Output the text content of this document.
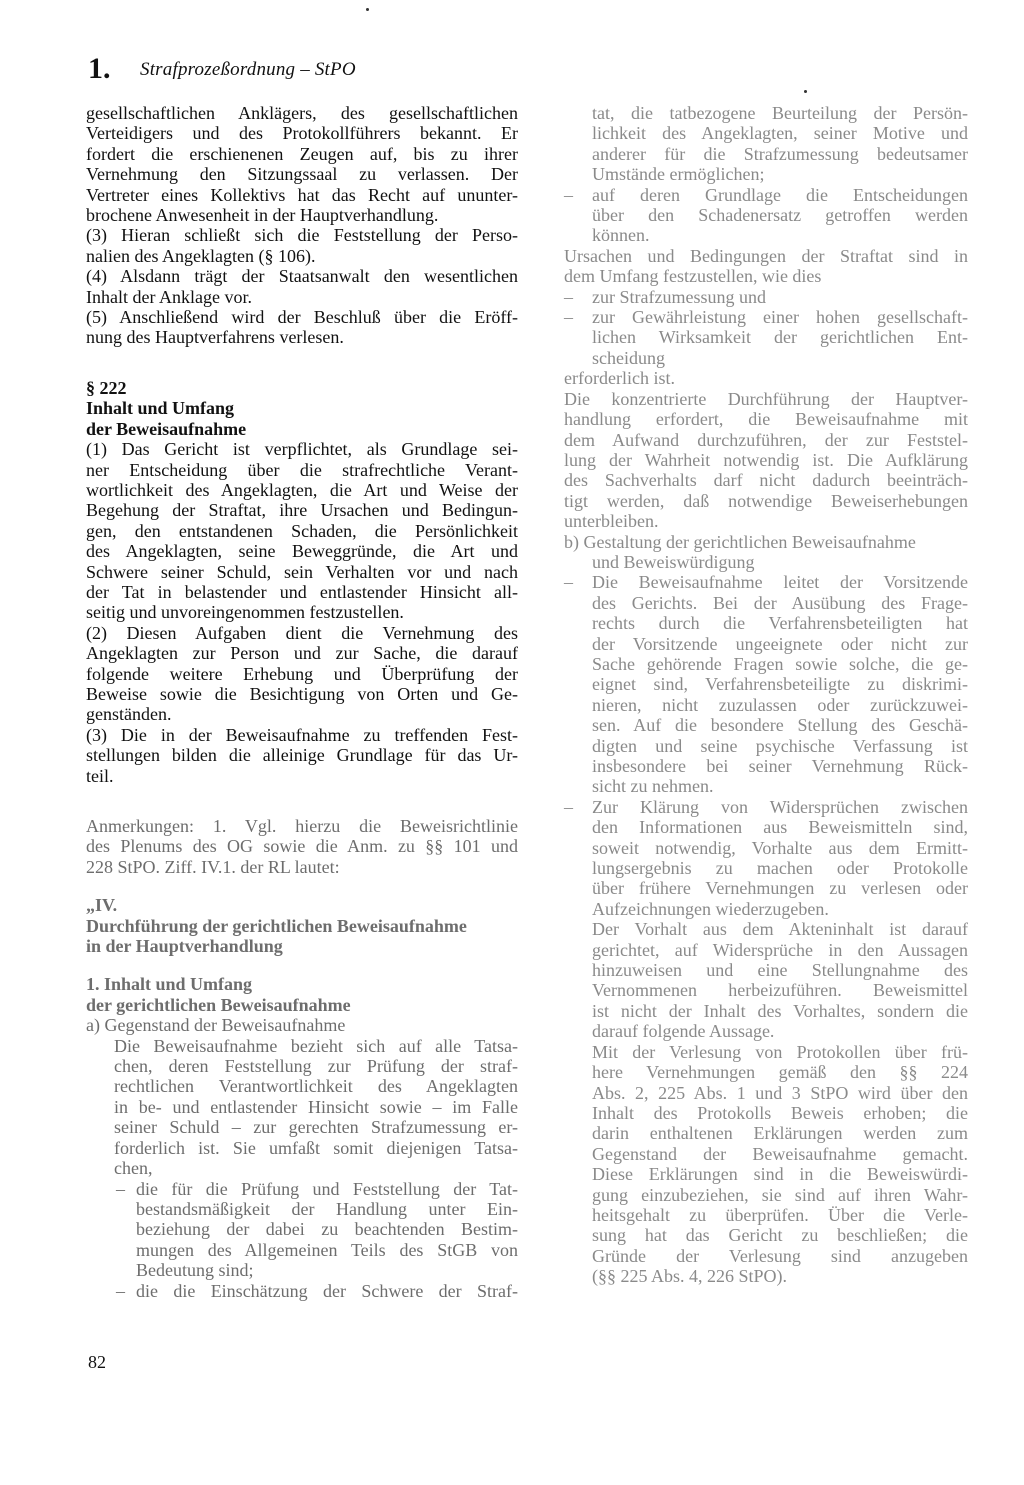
1. Strafprozeßordnung – StPO
gesellschaftlichen Anklägers, des gesellschaftlichen
Verteidigers und des Protokollführers bekannt. Er
fordert die erschienenen Zeugen auf, bis zu ihrer
Vernehmung den Sitzungssaal zu verlassen. Der
Vertreter eines Kollektivs hat das Recht auf ununter-
brochene Anwesenheit in der Hauptverhandlung.
(3) Hieran schließt sich die Feststellung der Perso-
nalien des Angeklagten (§ 106).
(4) Alsdann trägt der Staatsanwalt den wesentlichen
Inhalt der Anklage vor.
(5) Anschließend wird der Beschluß über die Eröff-
nung des Hauptverfahrens verlesen.
§ 222
Inhalt und Umfang
der Beweisaufnahme
(1) Das Gericht ist verpflichtet, als Grundlage sei-
ner Entscheidung über die strafrechtliche Verant-
wortlichkeit des Angeklagten, die Art und Weise der
Begehung der Straftat, ihre Ursachen und Bedingun-
gen, den entstandenen Schaden, die Persönlichkeit
des Angeklagten, seine Beweggründe, die Art und
Schwere seiner Schuld, sein Verhalten vor und nach
der Tat in belastender und entlastender Hinsicht all-
seitig und unvoreingenommen festzustellen.
(2) Diesen Aufgaben dient die Vernehmung des
Angeklagten zur Person und zur Sache, die darauf
folgende weitere Erhebung und Überprüfung der
Beweise sowie die Besichtigung von Orten und Ge-
genständen.
(3) Die in der Beweisaufnahme zu treffenden Fest-
stellungen bilden die alleinige Grundlage für das Ur-
teil.
Anmerkungen: 1. Vgl. hierzu die Beweisrichtlinie
des Plenums des OG sowie die Anm. zu §§ 101 und
228 StPO. Ziff. IV.1. der RL lautet:
„IV.
Durchführung der gerichtlichen Beweisaufnahme
in der Hauptverhandlung
1. Inhalt und Umfang
der gerichtlichen Beweisaufnahme
a) Gegenstand der Beweisaufnahme
Die Beweisaufnahme bezieht sich auf alle Tatsa-
chen, deren Feststellung zur Prüfung der straf-
rechtlichen Verantwortlichkeit des Angeklagten
in be- und entlastender Hinsicht sowie – im Falle
seiner Schuld – zur gerechten Strafzumessung er-
forderlich ist. Sie umfaßt somit diejenigen Tatsa-
chen,
– die für die Prüfung und Feststellung der Tat-
bestandsmäßigkeit der Handlung unter Ein-
beziehung der dabei zu beachtenden Bestim-
mungen des Allgemeinen Teils des StGB von
Bedeutung sind;
– die die Einschätzung der Schwere der Straf-
tat, die tatbezogene Beurteilung der Persön-
lichkeit des Angeklagten, seiner Motive und
anderer für die Strafzumessung bedeutsamer
Umstände ermöglichen;
–	auf deren Grundlage die Entscheidungen
über den Schadenersatz getroffen werden
können.
Ursachen und Bedingungen der Straftat sind in
dem Umfang festzustellen, wie dies
–	zur Strafzumessung und
–	zur Gewährleistung einer hohen gesellschaft-
lichen Wirksamkeit der gerichtlichen Ent-
scheidung
erforderlich ist.
Die konzentrierte Durchführung der Hauptver-
handlung erfordert, die Beweisaufnahme mit
dem Aufwand durchzuführen, der zur Feststel-
lung der Wahrheit notwendig ist. Die Aufklärung
des Sachverhalts darf nicht dadurch beeinträch-
tigt werden, daß notwendige Beweiserhebungen
unterbleiben.
b) Gestaltung der gerichtlichen Beweisaufnahme
und Beweiswürdigung
–	Die Beweisaufnahme leitet der Vorsitzende
des Gerichts. Bei der Ausübung des Frage-
rechts durch die Verfahrensbeteiligten hat
der Vorsitzende ungeeignete oder nicht zur
Sache gehörende Fragen sowie solche, die ge-
eignet sind, Verfahrensbeteiligte zu diskrimi-
nieren, nicht zuzulassen oder zurückzuwei-
sen. Auf die besondere Stellung des Geschä-
digten und seine psychische Verfassung ist
insbesondere bei seiner Vernehmung Rück-
sicht zu nehmen.
–	Zur Klärung von Widersprüchen zwischen
den Informationen aus Beweismitteln sind,
soweit notwendig, Vorhalte aus dem Ermitt-
lungsergebnis zu machen oder Protokolle
über frühere Vernehmungen zu verlesen oder
Aufzeichnungen wiederzugeben.
Der Vorhalt aus dem Akteninhalt ist darauf
gerichtet, auf Widersprüche in den Aussagen
hinzuweisen und eine Stellungnahme des
Vernommenen herbeizuführen. Beweismittel
ist nicht der Inhalt des Vorhaltes, sondern die
darauf folgende Aussage.
Mit der Verlesung von Protokollen über frü-
here Vernehmungen gemäß den §§ 224
Abs. 2, 225 Abs. 1 und 3 StPO wird über den
Inhalt des Protokolls Beweis erhoben; die
darin enthaltenen Erklärungen werden zum
Gegenstand der Beweisaufnahme gemacht.
Diese Erklärungen sind in die Beweiswürdi-
gung einzubeziehen, sie sind auf ihren Wahr-
heitsgehalt zu überprüfen. Über die Verle-
sung hat das Gericht zu beschließen; die
Gründe der Verlesung sind anzugeben
(§§ 225 Abs. 4, 226 StPO).
82
